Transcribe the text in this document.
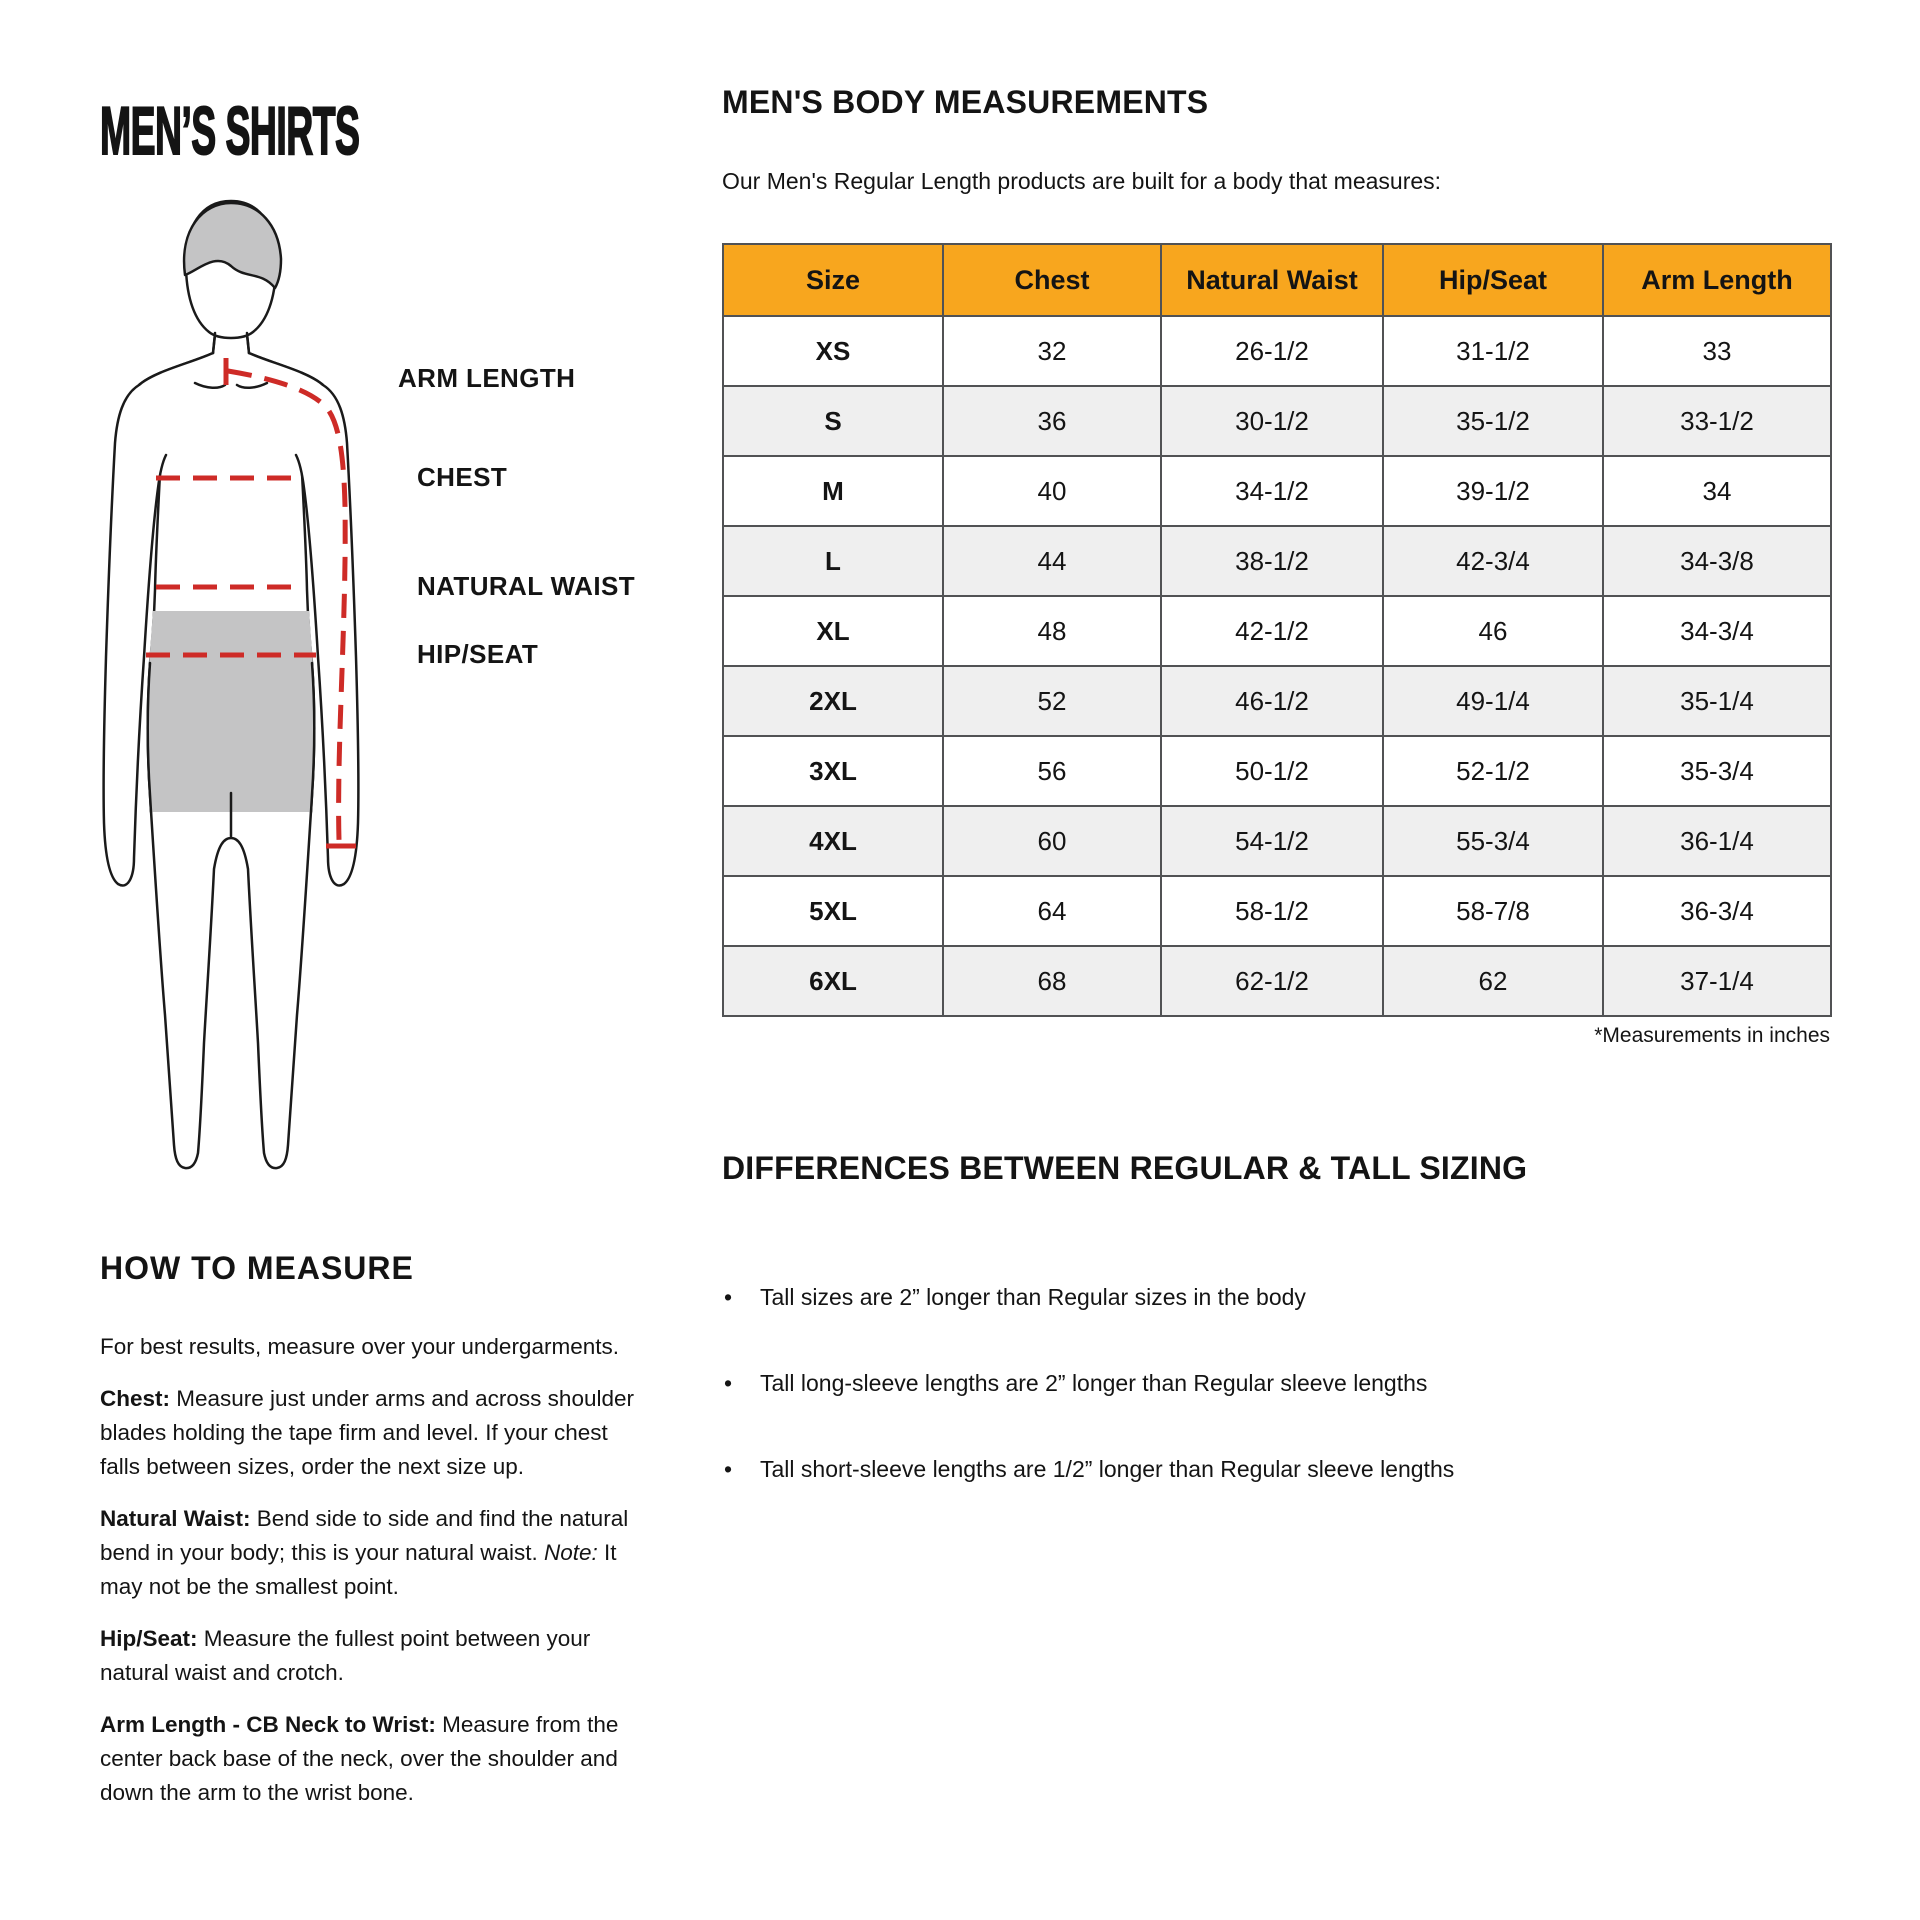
MEN’S SHIRTS
ARM LENGTH
CHEST
NATURAL WAIST
HIP/SEAT
MEN'S BODY MEASUREMENTS
Our Men's Regular Length products are built for a body that measures:
Size	Chest	Natural Waist	Hip/Seat	Arm Length
XS	32	26-1/2	31-1/2	33
S	36	30-1/2	35-1/2	33-1/2
M	40	34-1/2	39-1/2	34
L	44	38-1/2	42-3/4	34-3/8
XL	48	42-1/2	46	34-3/4
2XL	52	46-1/2	49-1/4	35-1/4
3XL	56	50-1/2	52-1/2	35-3/4
4XL	60	54-1/2	55-3/4	36-1/4
5XL	64	58-1/2	58-7/8	36-3/4
6XL	68	62-1/2	62	37-1/4
*Measurements in inches
DIFFERENCES BETWEEN REGULAR & TALL SIZING
•	Tall sizes are 2” longer than Regular sizes in the body
•	Tall long-sleeve lengths are 2” longer than Regular sleeve lengths
•	Tall short-sleeve lengths are 1/2” longer than Regular sleeve lengths
HOW TO MEASURE

For best results, measure over your undergarments.

Chest: Measure just under arms and across shoulder blades holding the tape firm and level. If your chest falls between sizes, order the next size up.

Natural Waist: Bend side to side and find the natural bend in your body; this is your natural waist. Note: It may not be the smallest point.

Hip/Seat: Measure the fullest point between your natural waist and crotch.

Arm Length - CB Neck to Wrist: Measure from the center back base of the neck, over the shoulder and down the arm to the wrist bone.
